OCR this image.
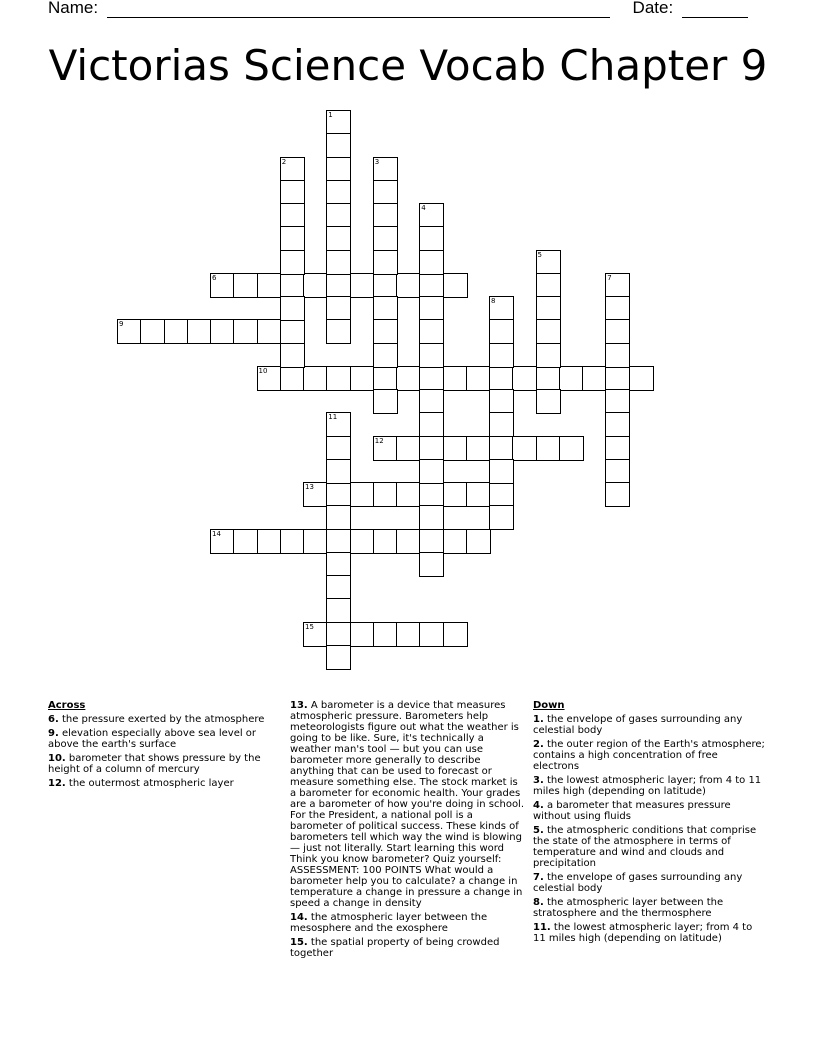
Name:	Date:
Victorias Science Vocab Chapter 9
6
9
10
12
13
14
15
1
2	3
4
5
7
8
11
Across
6. the pressure exerted by the atmosphere
9. elevation especially above sea level or above the earth's surface
10. barometer that shows pressure by the height of a column of mercury
12. the outermost atmospheric layer
13. A barometer is a device that measures atmospheric pressure. Barometers help meteorologists figure out what the weather is going to be like. Sure, it's technically a weather man's tool — but you can use barometer more generally to describe anything that can be used to forecast or measure something else. The stock market is a barometer for economic health. Your grades are a barometer of how you're doing in school. For the President, a national poll is a barometer of political success. These kinds of barometers tell which way the wind is blowing — just not literally. Start learning this word Think you know barometer? Quiz yourself: ASSESSMENT: 100 POINTS What would a barometer help you to calculate? a change in temperature a change in pressure a change in speed a change in density
14. the atmospheric layer between the mesosphere and the exosphere
15. the spatial property of being crowded together
Down
1. the envelope of gases surrounding any celestial body
2. the outer region of the Earth's atmosphere; contains a high concentration of free electrons
3. the lowest atmospheric layer; from 4 to 11 miles high (depending on latitude)
4. a barometer that measures pressure without using fluids
5. the atmospheric conditions that comprise the state of the atmosphere in terms of temperature and wind and clouds and precipitation
7. the envelope of gases surrounding any celestial body
8. the atmospheric layer between the stratosphere and the thermosphere
11. the lowest atmospheric layer; from 4 to 11 miles high (depending on latitude)
